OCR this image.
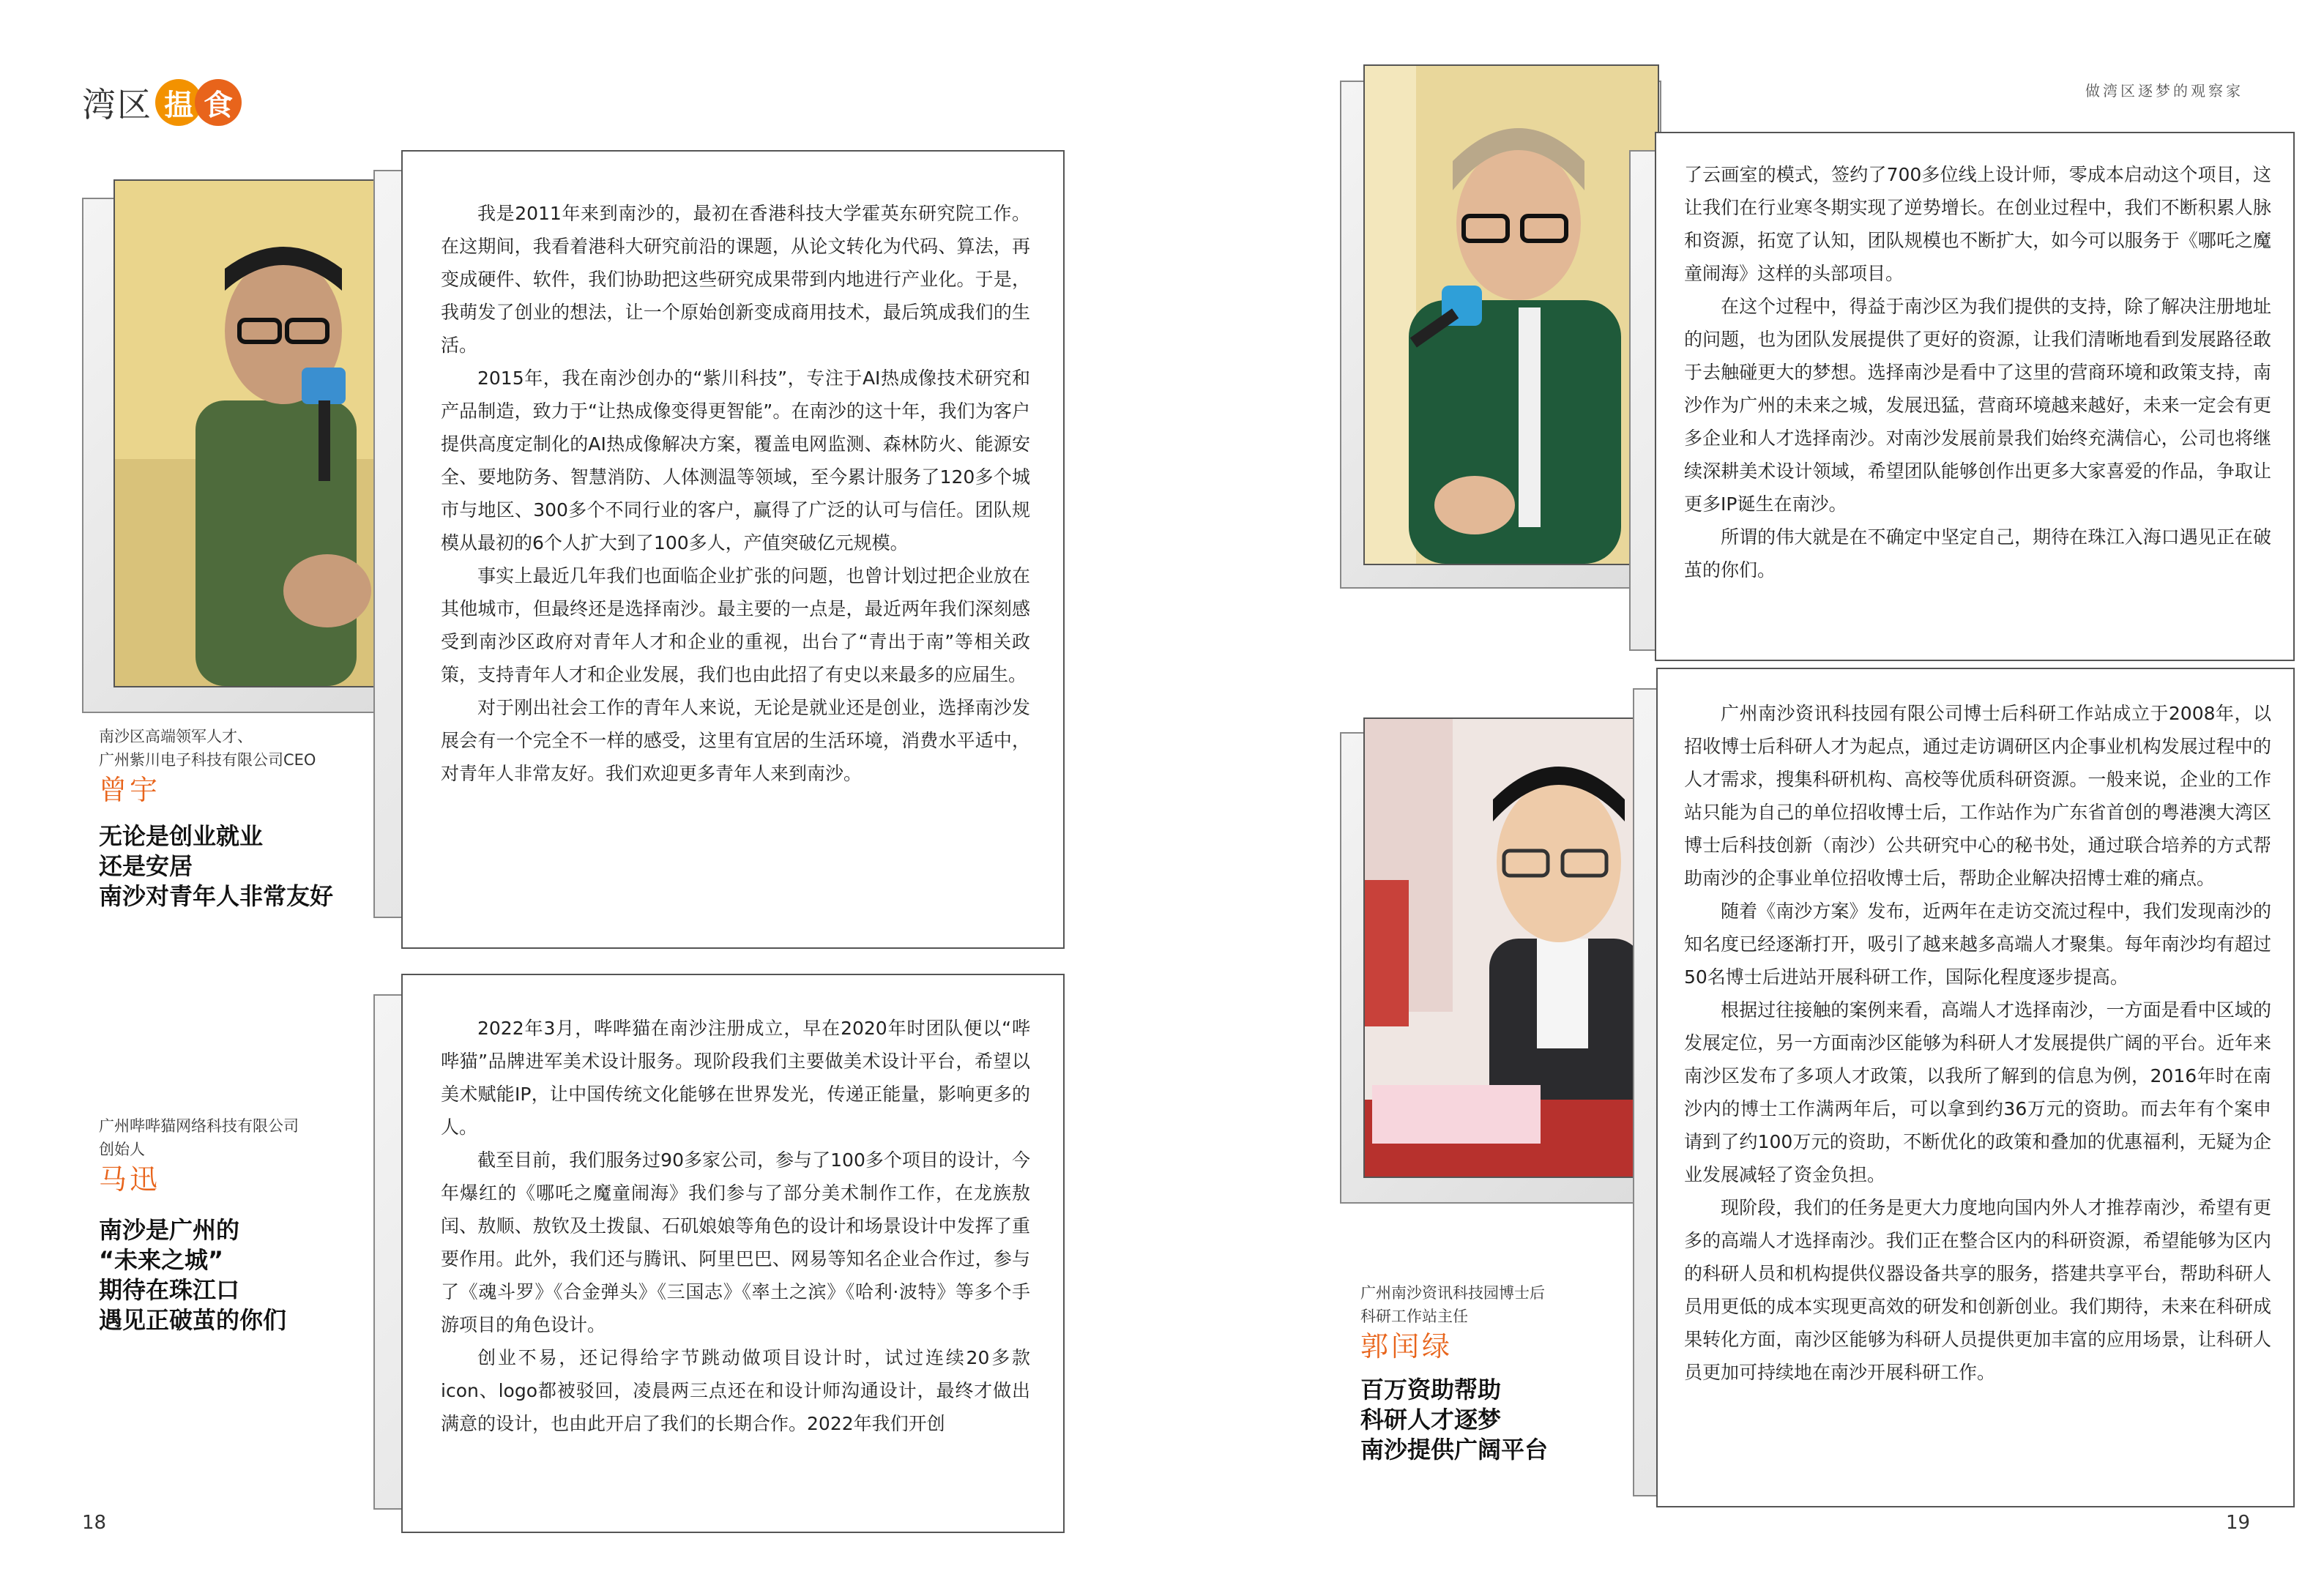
湾区 揾 食	做湾区逐梦的观察家

我是2011年来到南沙的，最初在香港科技大学霍英东研究院工作。在这期间，我看着港科大研究前沿的课题，从论文转化为代码、算法，再变成硬件、软件，我们协助把这些研究成果带到内地进行产业化。于是，我萌发了创业的想法，让一个原始创新变成商用技术，最后筑成我们的生活。

2015年，我在南沙创办的“紫川科技”，专注于AI热成像技术研究和产品制造，致力于“让热成像变得更智能”。在南沙的这十年，我们为客户提供高度定制化的AI热成像解决方案，覆盖电网监测、森林防火、能源安全、要地防务、智慧消防、人体测温等领域，至今累计服务了120多个城市与地区、300多个不同行业的客户，赢得了广泛的认可与信任。团队规模从最初的6个人扩大到了100多人，产值突破亿元规模。

事实上最近几年我们也面临企业扩张的问题，也曾计划过把企业放在其他城市，但最终还是选择南沙。最主要的一点是，最近两年我们深刻感受到南沙区政府对青年人才和企业的重视，出台了“青出于南”等相关政策，支持青年人才和企业发展，我们也由此招了有史以来最多的应届生。

对于刚出社会工作的青年人来说，无论是就业还是创业，选择南沙发展会有一个完全不一样的感受，这里有宜居的生活环境，消费水平适中，对青年人非常友好。我们欢迎更多青年人来到南沙。

南沙区高端领军人才、
广州紫川电子科技有限公司CEO
曾宇
无论是创业就业
还是安居
南沙对青年人非常友好

2022年3月，哔哔猫在南沙注册成立，早在2020年时团队便以“哔哔猫”品牌进军美术设计服务。现阶段我们主要做美术设计平台，希望以美术赋能IP，让中国传统文化能够在世界发光，传递正能量，影响更多的人。

截至目前，我们服务过90多家公司，参与了100多个项目的设计，今年爆红的《哪吒之魔童闹海》我们参与了部分美术制作工作，在龙族敖闰、敖顺、敖钦及土拨鼠、石矶娘娘等角色的设计和场景设计中发挥了重要作用。此外，我们还与腾讯、阿里巴巴、网易等知名企业合作过，参与了《魂斗罗》《合金弹头》《三国志》《率土之滨》《哈利·波特》等多个手游项目的角色设计。

创业不易，还记得给字节跳动做项目设计时，试过连续20多款icon、logo都被驳回，凌晨两三点还在和设计师沟通设计，最终才做出满意的设计，也由此开启了我们的长期合作。2022年我们开创

广州哔哔猫网络科技有限公司
创始人
马迅
南沙是广州的
“未来之城”
期待在珠江口
遇见正破茧的你们
18

了云画室的模式，签约了700多位线上设计师，零成本启动这个项目，这让我们在行业寒冬期实现了逆势增长。在创业过程中，我们不断积累人脉和资源，拓宽了认知，团队规模也不断扩大，如今可以服务于《哪吒之魔童闹海》这样的头部项目。

在这个过程中，得益于南沙区为我们提供的支持，除了解决注册地址的问题，也为团队发展提供了更好的资源，让我们清晰地看到发展路径敢于去触碰更大的梦想。选择南沙是看中了这里的营商环境和政策支持，南沙作为广州的未来之城，发展迅猛，营商环境越来越好，未来一定会有更多企业和人才选择南沙。对南沙发展前景我们始终充满信心，公司也将继续深耕美术设计领域，希望团队能够创作出更多大家喜爱的作品，争取让更多IP诞生在南沙。

所谓的伟大就是在不确定中坚定自己，期待在珠江入海口遇见正在破茧的你们。

广州南沙资讯科技园有限公司博士后科研工作站成立于2008年，以招收博士后科研人才为起点，通过走访调研区内企事业机构发展过程中的人才需求，搜集科研机构、高校等优质科研资源。一般来说，企业的工作站只能为自己的单位招收博士后，工作站作为广东省首创的粤港澳大湾区博士后科技创新（南沙）公共研究中心的秘书处，通过联合培养的方式帮助南沙的企事业单位招收博士后，帮助企业解决招博士难的痛点。

随着《南沙方案》发布，近两年在走访交流过程中，我们发现南沙的知名度已经逐渐打开，吸引了越来越多高端人才聚集。每年南沙均有超过50名博士后进站开展科研工作，国际化程度逐步提高。

根据过往接触的案例来看，高端人才选择南沙，一方面是看中区域的发展定位，另一方面南沙区能够为科研人才发展提供广阔的平台。近年来南沙区发布了多项人才政策，以我所了解到的信息为例，2016年时在南沙内的博士工作满两年后，可以拿到约36万元的资助。而去年有个案申请到了约100万元的资助，不断优化的政策和叠加的优惠福利，无疑为企业发展减轻了资金负担。

现阶段，我们的任务是更大力度地向国内外人才推荐南沙，希望有更多的高端人才选择南沙。我们正在整合区内的科研资源，希望能够为区内的科研人员和机构提供仪器设备共享的服务，搭建共享平台，帮助科研人员用更低的成本实现更高效的研发和创新创业。我们期待，未来在科研成果转化方面，南沙区能够为科研人员提供更加丰富的应用场景，让科研人员更加可持续地在南沙开展科研工作。

广州南沙资讯科技园博士后
科研工作站主任
郭闰绿
百万资助帮助
科研人才逐梦
南沙提供广阔平台
19
